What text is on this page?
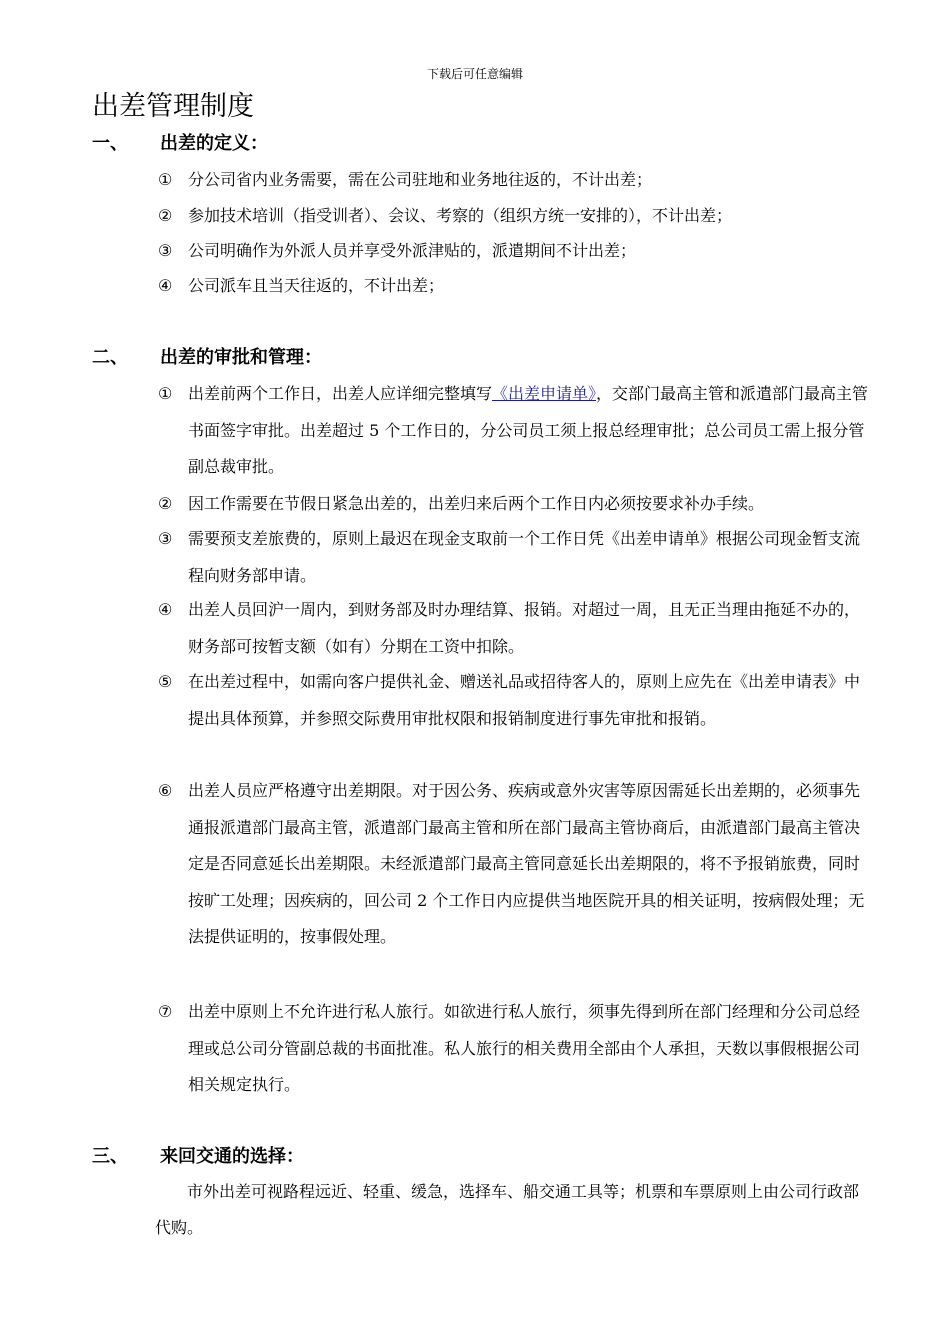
下载后可任意编辑
出差管理制度
一、 出差的定义：
① 分公司省内业务需要，需在公司驻地和业务地往返的，不计出差；
② 参加技术培训（指受训者）、会议、考察的（组织方统一安排的），不计出差；
③ 公司明确作为外派人员并享受外派津贴的，派遣期间不计出差；
④ 公司派车且当天往返的，不计出差；
二、 出差的审批和管理：
① 出差前两个工作日，出差人应详细完整填写《出差申请单》，交部门最高主管和派遣部门最高主管书面签字审批。出差超过 5 个工作日的，分公司员工须上报总经理审批；总公司员工需上报分管副总裁审批。
② 因工作需要在节假日紧急出差的，出差归来后两个工作日内必须按要求补办手续。
③ 需要预支差旅费的，原则上最迟在现金支取前一个工作日凭《出差申请单》根据公司现金暂支流程向财务部申请。
④ 出差人员回沪一周内，到财务部及时办理结算、报销。对超过一周，且无正当理由拖延不办的，财务部可按暂支额（如有）分期在工资中扣除。
⑤ 在出差过程中，如需向客户提供礼金、赠送礼品或招待客人的，原则上应先在《出差申请表》中提出具体预算，并参照交际费用审批权限和报销制度进行事先审批和报销。
⑥ 出差人员应严格遵守出差期限。对于因公务、疾病或意外灾害等原因需延长出差期的，必须事先通报派遣部门最高主管，派遣部门最高主管和所在部门最高主管协商后，由派遣部门最高主管决定是否同意延长出差期限。未经派遣部门最高主管同意延长出差期限的，将不予报销旅费，同时按旷工处理；因疾病的，回公司 2 个工作日内应提供当地医院开具的相关证明，按病假处理；无法提供证明的，按事假处理。
⑦ 出差中原则上不允许进行私人旅行。如欲进行私人旅行，须事先得到所在部门经理和分公司总经理或总公司分管副总裁的书面批准。私人旅行的相关费用全部由个人承担，天数以事假根据公司相关规定执行。
三、 来回交通的选择：
市外出差可视路程远近、轻重、缓急，选择车、船交通工具等；机票和车票原则上由公司行政部代购。
